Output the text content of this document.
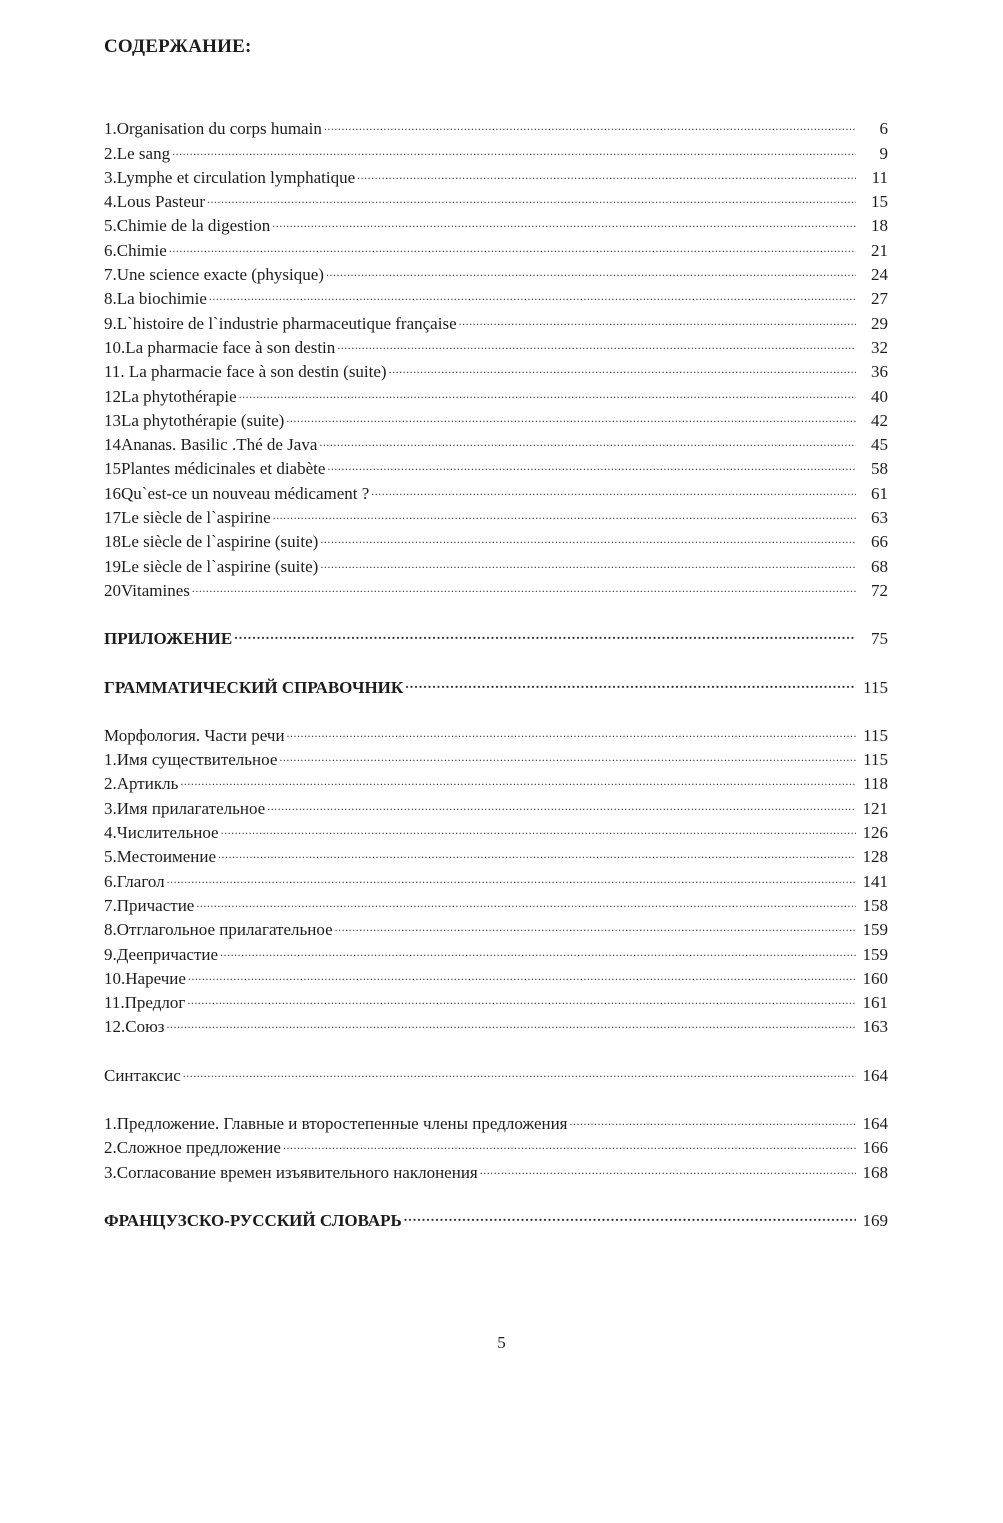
СОДЕРЖАНИЕ:
1.Organisation du corps humain .....	6
2.Le sang .....	9
3.Lymphe et circulation lymphatique .....	11
4.Lous Pasteur .....	15
5.Chimie de la digestion .....	18
6.Chimie .....	21
7.Une science exacte (physique) .....	24
8.La biochimie .....	27
9.L`histoire de l`industrie pharmaceutique française .....	29
10.La pharmacie face à son destin .....	32
11. La pharmacie face à son destin (suite) .....	36
12La phytothérapie .....	40
13La phytothérapie (suite) .....	42
14Ananas. Basilic .Thé de Java .....	45
15Plantes médicinales et diabète .....	58
16Qu`est-ce un nouveau médicament ? .....	61
17Le siècle de l`aspirine .....	63
18Le siècle de l`aspirine (suite) .....	66
19Le siècle de l`aspirine (suite) .....	68
20Vitamines .....	72
ПРИЛОЖЕНИЕ .....	75
ГРАММАТИЧЕСКИЙ СПРАВОЧНИК .....	115
Морфология. Части речи .....	115
1.Имя существительное .....	115
2.Артикль .....	118
3.Имя прилагательное .....	121
4.Числительное .....	126
5.Местоимение .....	128
6.Глагол .....	141
7.Причастие .....	158
8.Отглагольное прилагательное .....	159
9.Деепричастие .....	159
10.Наречие .....	160
11.Предлог .....	161
12.Союз .....	163
Синтаксис .....	164
1.Предложение. Главные и второстепенные члены предложения .....	164
2.Сложное предложение .....	166
3.Согласование времен изъявительного наклонения .....	168
ФРАНЦУЗСКО-РУССКИЙ СЛОВАРЬ .....	169
5
